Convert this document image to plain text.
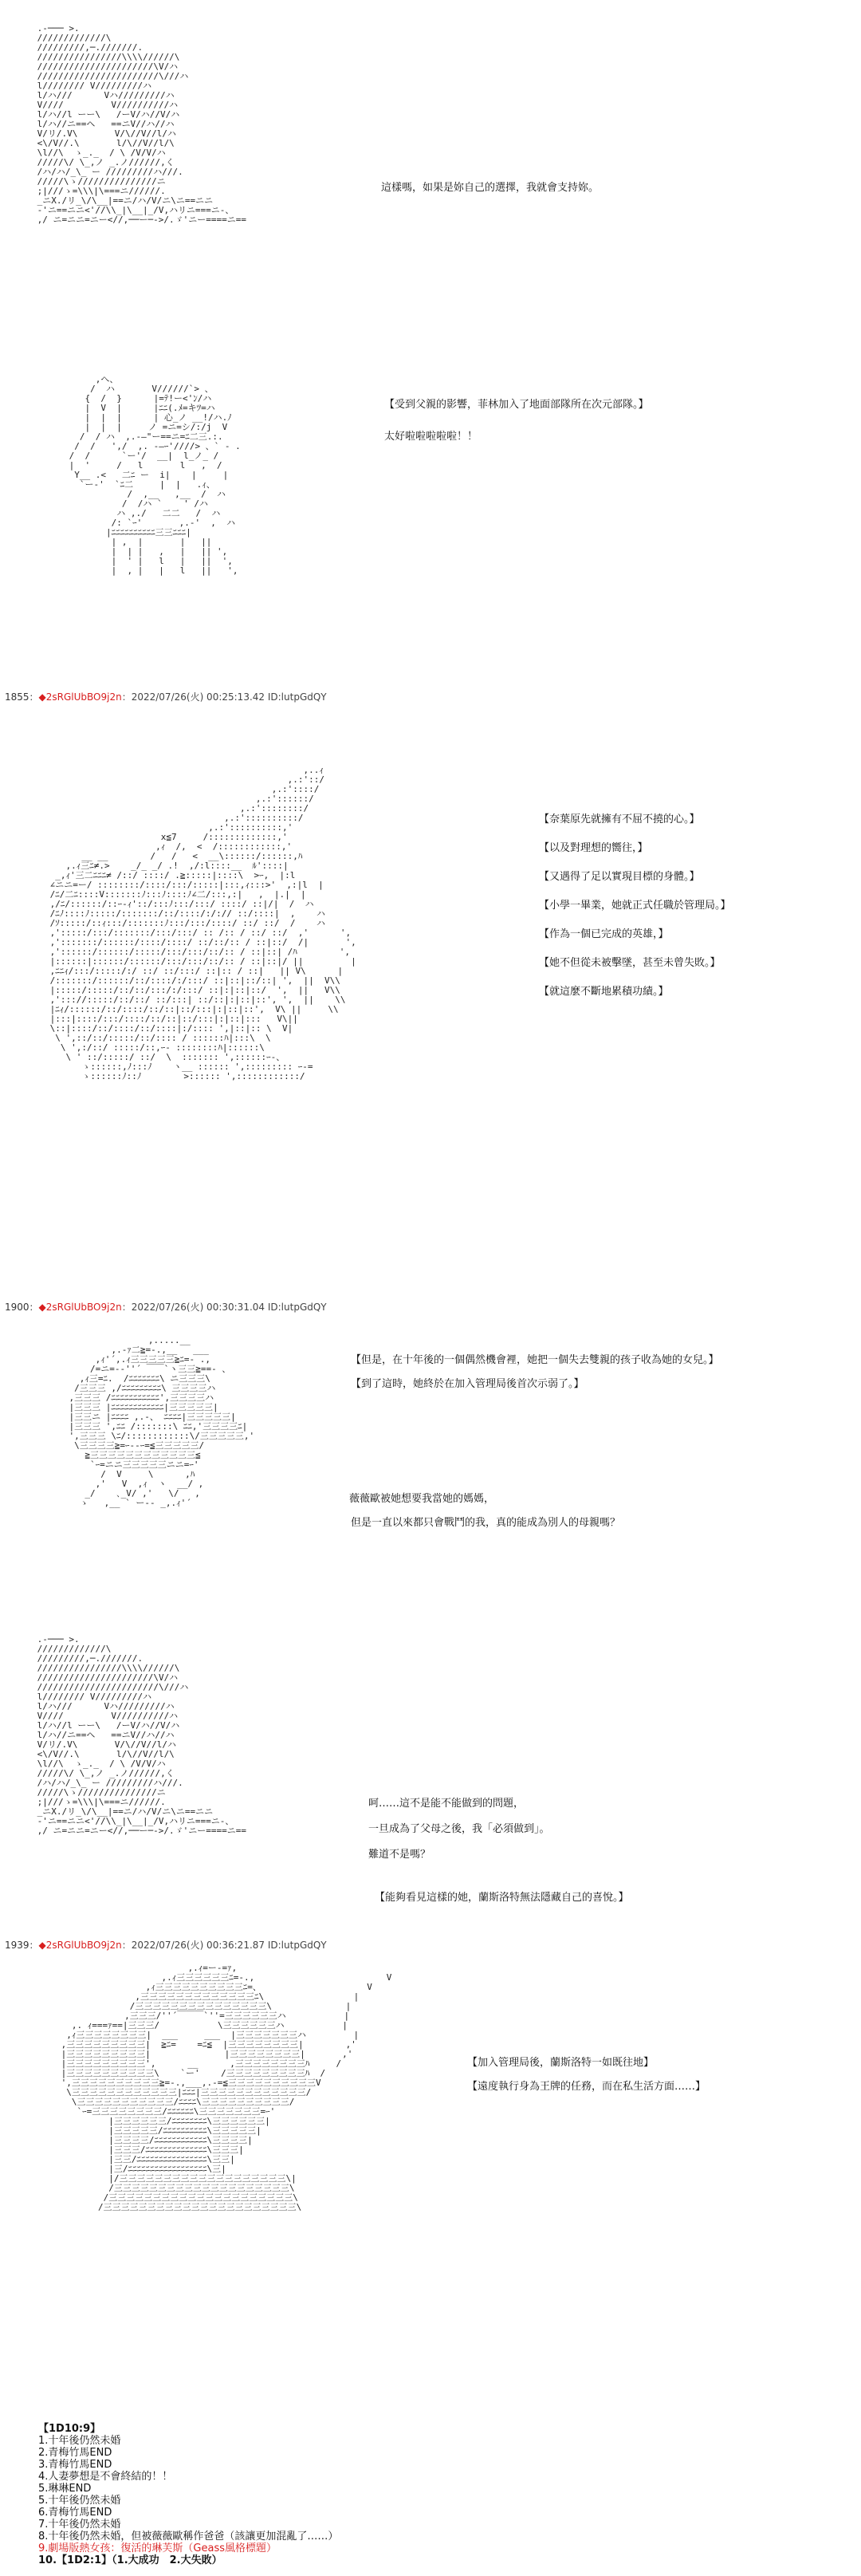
.-─── >.
/////////////\
/////////,─.///////.
////////////////\\\\//////\
//////////////////////\V/ハ
///////////////////////\///ハ
l//////// V/////////ハ
l/ハ///      Vハ/////////ハ
V////         V//////////ハ
l/ハ//l ーー\   /ーV/ハ//V/ハ
l/ハ//ニ==ヘ   ==ニV//ハ//ハ
V/リ/.V\       V/\//V//l/ハ
<\/V//.\       l/\//V//l/\
\l//\  ゝ_._  / \ /V/V/ハ
/////\/ \_,ノ _.ノ//////,く
/ハ/ハ/_\_ ー /////////ハ///.
/////\ゝ///////////////ニ
;|///ゝ=\\\|\===ニ//////.
_ニX./リ_\/\__|==ニ/ハ/V/ニ\ニ==ニニ
-'ニ==ニニ<'//\\_|\__|_/V,ハリニ===ニ-、
,/ ニ=ニニ=ニー<//,──ー─->/.ゞ'ニー====ニ==
這樣嗎，如果是妳自己的選擇，我就會支持妳。
,へ、
/  ハ       V//////`> 、
{  /  }      |=ﾃ!ー<'ﾝ/ハ
|  V  |      |ﾆﾆ(.ﾒ=キﾂ=ハ
|  |  |      | 心_ノ __!/ハ.ﾉ
|  |  |     ノ =ニ=シ/:/j  V
/  / ハ  ,.-―"ー==ニ=ﾆ二三.:.
/  /   ',/  ,. -―ｰ'////> 、` - .
/  /      `ー'/  __|  l_ノ_ /
|  '     /   l       l   ,  /
Y__ .<   二ﾆ ー  i|    |     |
`ー-'  `ﾆ二     |  |   .ｨ、
/  ,__   ,__  /  ハ
/  /ハ `    ' /ハ
ハ ,./   二二   /  ハ
/: `ｰ'       ,.-'  ,  ハ
|ﾆﾆﾆﾆﾆﾆﾆﾆﾆﾆ三三ﾆﾆﾆ|
| ,  |       |   ||
|  | |   ,   |   || ',
|  ' |   l   |   ||  ',
|  , |   |   l   ||   ',
【受到父親的影響，菲林加入了地面部隊所在次元部隊。】
太好啦啦啦啦啦！！
1855：◆2sRGlUbBO9j2n：2022/07/26(火) 00:25:13.42 ID:lutpGdQY
,..ｨ
,.:'::/
,.:'::::/
,.:'::::::/
,.:'::::::::/
,.:'::::::::::/
,.:'::::::::::,'
x≦7     /:::::::::::::,'
,ｨ  /,  <  /::::::::::::,'
__ __        /   /   <  __\::::::/::::::,ﾊ
,.ｨ三ﾆ≠.>    _/_ _/ .!  ,/:l::::__  ﾙ'::::|
_,ｨ'三二ﾆﾆﾆ≠ /::/ ::::/ .≧:::::|::::\  >ｰ,  |:l
∠ニニ=ー/ ::::::::/::::/:::/:::::|:::,ｨ:::>'  ,:|l  |
/ﾆ/二ﾆ::::V:::::::ﾉ:::ﾉ::::ﾉ∠二/:::,:|   ,  |.|  |
,/ﾆ/::::::/::ｰ-ｨ'::/:::ﾉ:::/:::/ ::::/ ::|/|  /  ハ
/ﾆﾉ::::ﾉ:::::/:::::::/::/::::/:/:// ::/::::|  ,    ハ
/ｿ:::::/::ｨ:::/:::::::ﾉ:::/:::/::::/ ::/ ::/  /    ハ
,':::::/:::/:::::::/:::/:::/ :: /:: / ::/ ::/  ,'      ',
,':::::::/::::::/::::/::::/ ::/::/:: / ::|::/  /|       ',
,'::::::/::::::/:::::/:::/:::/::/:: / ::|::| /ﾊ        ',
|::::::|::::::/::::::/:::/:::/::/:: / ::|::|/ ||         |
,ﾆﾆｨ/:::/:::::/:/ ::/ ::/:::/ ::|:: / ::|   || V\      |
/:::::::/::::::/::/::::/:/:::/ ::|::|::/::| ',  ||  V\\
|:::::/:::::/::/::/:::/:/:::/ ::|:|::|::/  ',  ||   V\\
,'::://:::::/::/::/ ::/:::| ::/::|:|::|::', ',  ||    \\
|ﾆｨ/::::::/::/::::/::/::|::/:::|:|::|::',  V\ ||     \\
|:::|::::/:::/::::/::/::|::/:::|:|::|:::   V\||
\::|::::/::/::::/::/::::|:/:::: ',|::|:: \  V|
\ ',::/::/:::::/::/:::: / ::::::ﾊ|:::\  \
\ ',:/::/ :::::/::,ｰ- ::::::::ﾊ|::::::\
\ ' ::/:::::/ ::/  \  ::::::: ',::::::ｰ-、
ゝ::::::,ﾉ:::ﾉ    ヽ__ :::::: ',::::::::: ｰ-=
ゝ::::::ﾉ::ﾉ        >:::::: ',::::::::::::/
【奈葉原先就擁有不屈不撓的心。】
【以及對理想的嚮往，】
【又遇得了足以實現目標的身體。】
【小學一畢業，她就正式任職於管理局。】
【作為一個已完成的英雄，】
【她不但從未被擊墜，甚至未曾失敗。】
【就這麼不斷地累積功績。】
1900：◆2sRGlUbBO9j2n：2022/07/26(火) 00:30:31.04 ID:lutpGdQY
,.....__
,.-ｧ二≧=-.,__   ___
,ｨ'´,.ｨ三三三三三≧ﾆ=- .,
/=ニ=-‐''´ ￣￣`ヽ三三≧==‐ 、
,ｨ三=ﾆ.  /ﾆﾆﾆﾆﾆﾆﾆ\ ニ三三三\
/三三三 ,/ﾆﾆﾆﾆﾆﾆﾆﾆﾆ\ 三三三三ハ
,三三三 /ﾆﾆﾆﾆﾆﾆﾆﾆﾆﾆﾆ',三三三三ハ
|三三三 |ﾆﾆﾆﾆﾆﾆﾆﾆﾆﾆﾆﾆ|三三三三三|
|三三ニ |ﾆﾆﾆﾆ ,.-、 ﾆﾆﾆﾆ|三三三三三|
|三三三 ',ﾆﾆ /:::::::\ ﾆﾆ,'三三三三ﾆ|
',三三三 \ﾆ/::::::::::::\/三三三三三,'
\三三三三≧=ｰ--ｰ=≦三三三三三/
≧三三三三三三三三三三三三≦
`ｰ=ニニ三三三三三ニニ=ｰ'
/  V     \      ,ﾊ
,'   V  ,ｨ  ヽ  __/ ,
_/    ､_V/ ,'   \/   ,
ゝ   ,__ ` ー-- _,.ｨ'´
【但是，在十年後的一個偶然機會裡，她把一個失去雙親的孩子收為她的女兒。】
【到了這時，她終於在加入管理局後首次示弱了。】
薇薇歐被她想要我當她的媽媽，
但是一直以來都只會戰鬥的我，真的能成為別人的母親嗎？
.-─── >.
/////////////\
/////////,─.///////.
////////////////\\\\//////\
//////////////////////\V/ハ
///////////////////////\///ハ
l//////// V/////////ハ
l/ハ///      Vハ/////////ハ
V////         V//////////ハ
l/ハ//l ーー\   /ーV/ハ//V/ハ
l/ハ//ニ==ヘ   ==ニV//ハ//ハ
V/リ/.V\       V/\//V//l/ハ
<\/V//.\       l/\//V//l/\
\l//\  ゝ_._  / \ /V/V/ハ
/////\/ \_,ノ _.ノ//////,く
/ハ/ハ/_\_ ー /////////ハ///.
/////\ゝ///////////////ニ
;|///ゝ=\\\|\===ニ//////.
_ニX./リ_\/\__|==ニ/ハ/V/ニ\ニ==ニニ
-'ニ==ニニ<'//\\_|\__|_/V,ハリニ===ニ-、
,/ ニ=ニニ=ニー<//,──ー─->/.ゞ'ニー====ニ==
呵……這不是能不能做到的問題，
一旦成為了父母之後，我「必須做到」。
難道不是嗎？
【能夠看見這樣的她，蘭斯洛特無法隱藏自己的喜悅。】
1939：◆2sRGlUbBO9j2n：2022/07/26(火) 00:36:21.87 ID:lutpGdQY
,.ｨ=ー-=ｧ,
,.ｨ三三三三三三ﾆ=-.,                         V
,ｨ三三三三三三三三三三ﾆ=、                    V
,三三三三三三三三三三三三三ﾆ\                 |
/三三三三三三三三三三三三三三三\              |
,三三三/''´￣￣￣`''=三三三三三三ハ           |
,. ｨ===ｧ==|三三三/           \三三三三三三ハ           |
,ｨ三三三三三三三三|  ___     ___  |三三三三三三三ハ         |
,三三三三三三三三三|  ≧ﾆ=    =ﾆ≦  |三三三三三三三三|        ,'
|三三三三三三三三三|              |三三三三三三三三|       ,'
|三三三三三三三三三',      __      ,三三三三三三三三ﾊ     /
|三三三三三三三三三三\    `ー'    /三三三三三三三三三ﾊ  /
',三三三三三三三三三三≧=-.,___,.-=≦三三三三三三三三三三V
\三三三三三三三三三三三三|ﾆﾆﾆ|三三三三三三三三三三三三/
\三三三三三三三三三三三/ﾆﾆﾆﾆ\三三三三三三三三三三/
`ｰ=三三三三三三三三/ﾆﾆﾆﾆﾆﾆ\三三三三三三三=ｰ'
|三三三三三三/ﾆﾆﾆﾆﾆﾆﾆﾆ\三三三三三三|
|三三三三三/ﾆﾆﾆﾆﾆﾆﾆﾆﾆﾆ\三三三三三|
|三三三三/ﾆﾆﾆﾆﾆﾆﾆﾆﾆﾆﾆﾆ\三三三三|
|三三三/ﾆﾆﾆﾆﾆﾆﾆﾆﾆﾆﾆﾆﾆﾆ\三三三|
|三三/ﾆﾆﾆﾆﾆﾆﾆﾆﾆﾆﾆﾆﾆﾆﾆﾆ\三三|
|三/ﾆﾆﾆﾆﾆﾆﾆﾆﾆﾆﾆﾆﾆﾆﾆﾆﾆﾆ\三|
|/三三三三三三三三三三三三三三三三三三三\|
/三三三三三三三三三三三三三三三三三三三三\
/三三三三三三三三三三三三三三三三三三三三三\
/三三三三三三三三三三三三三三三三三三三三三三\
【加入管理局後，蘭斯洛特一如既往地】
【遠度執行身為王牌的任務，而在私生活方面……】
【1D10:9】
1.十年後仍然未婚
2.青梅竹馬END
3.青梅竹馬END
4.人妻夢想是不會終結的！！
5.琳琳END
5.十年後仍然未婚
6.青梅竹馬END
7.十年後仍然未婚
8.十年後仍然未婚，但被薇薇歐稱作爸爸（該讓更加混亂了……）
9.劇場版熱女孩：復活的琳芙斯（Geass風格標題）
10.【1D2:1】（1.大成功　2.大失敗）
